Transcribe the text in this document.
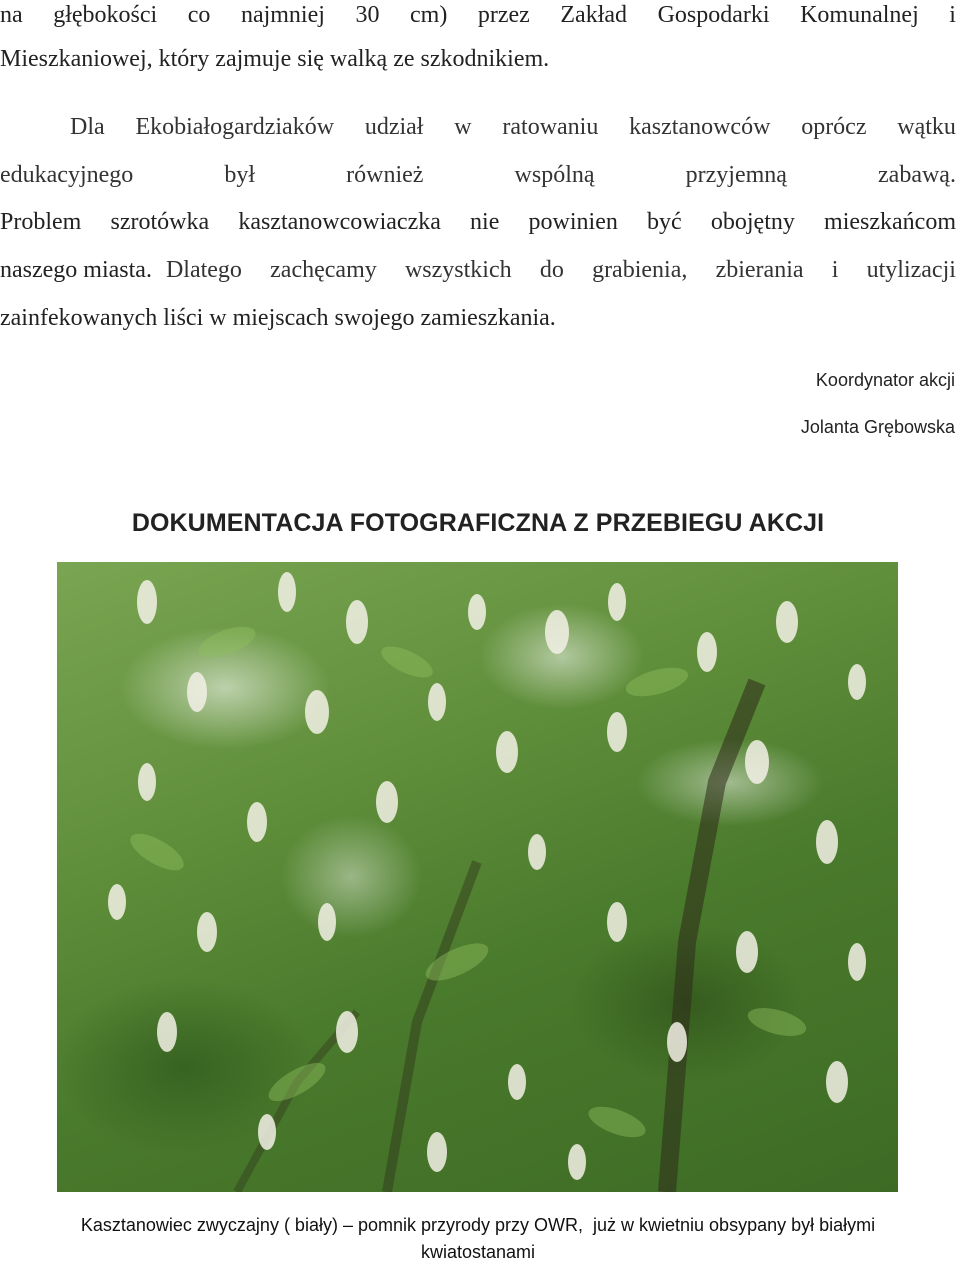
na głębokości co najmniej 30 cm) przez Zakład Gospodarki Komunalnej i
Mieszkaniowej, który zajmuje się walką ze szkodnikiem.
Dla Ekobiałogardziaków udział w ratowaniu kasztanowców oprócz wątku
edukacyjnego	był	również	wspólną	przyjemną	zabawą.
Problem szrotówka kasztanowcowiaczka nie powinien być obojętny mieszkańcom
naszego miasta. Dlatego zachęcamy wszystkich do grabienia, zbierania i utylizacji
zainfekowanych liści w miejscach swojego zamieszkania.
Koordynator akcji
Jolanta Grębowska
DOKUMENTACJA FOTOGRAFICZNA Z PRZEBIEGU AKCJI
Kasztanowiec zwyczajny ( biały) – pomnik przyrody przy OWR,  już w kwietniu obsypany był białymi
kwiatostanami
